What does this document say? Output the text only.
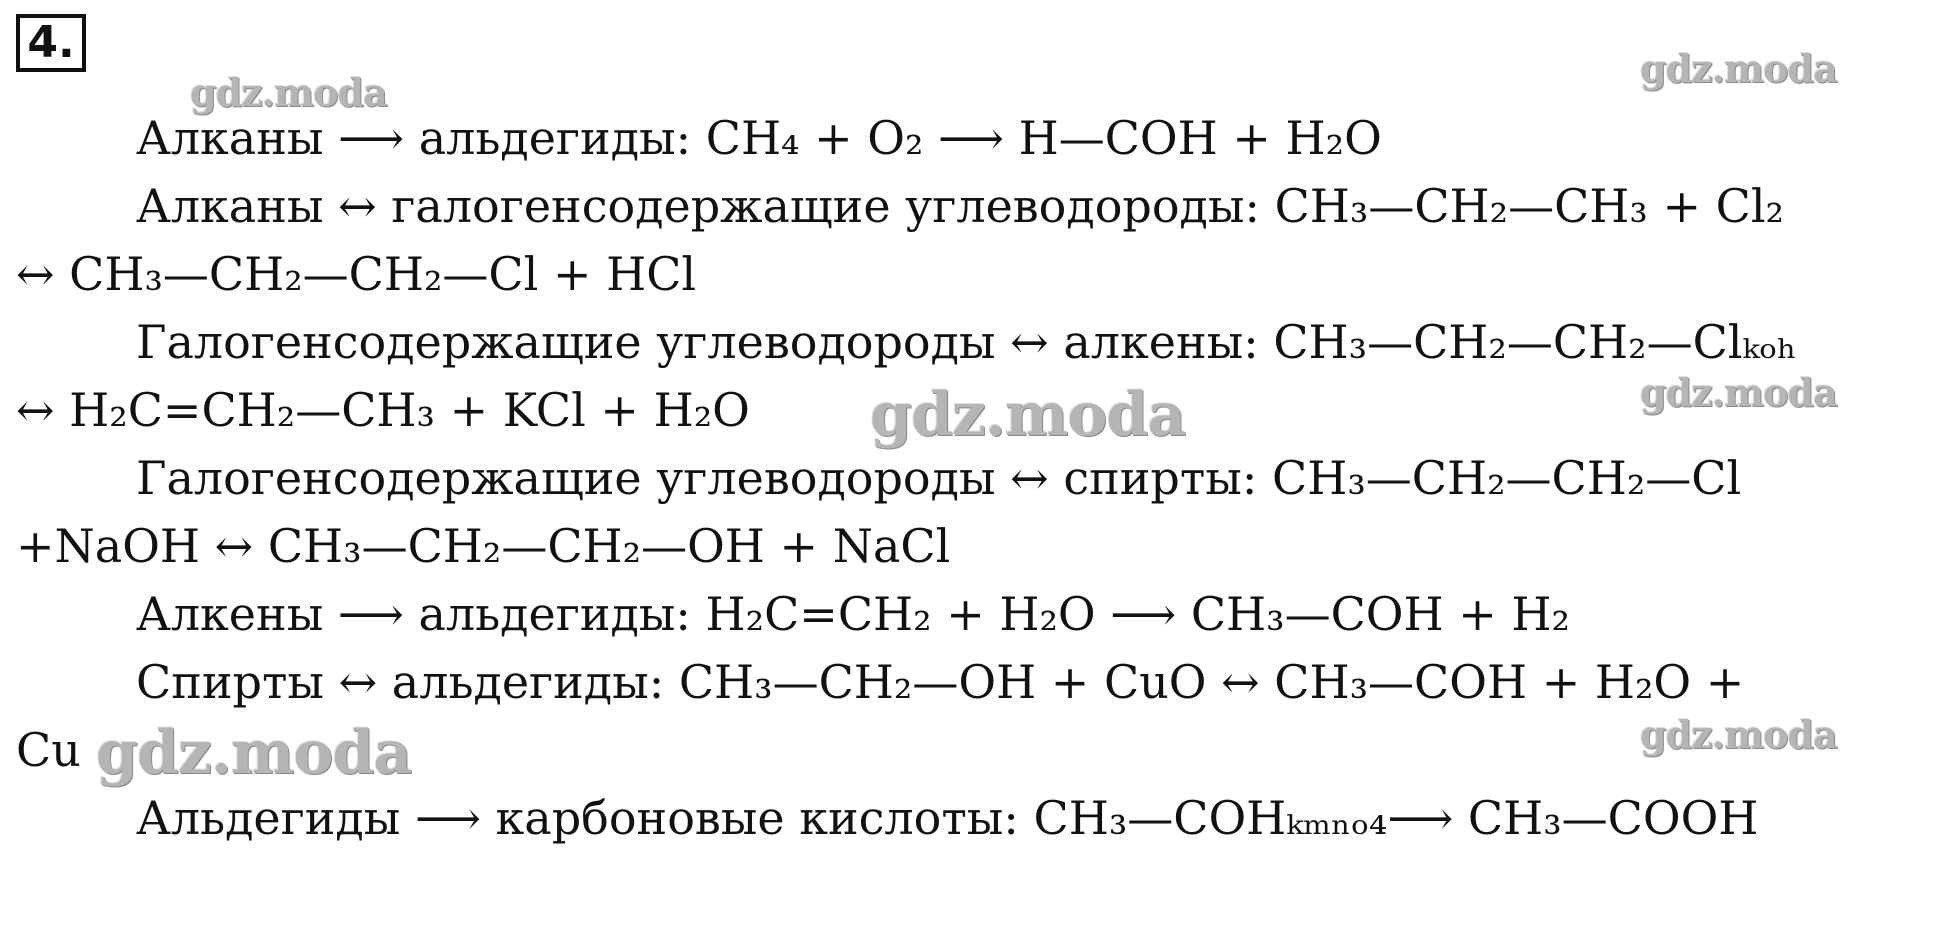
4.
gdz.moda
gdz.moda
gdz.moda
gdz.moda
gdz.moda
gdz.moda
Алканы ⟶ альдегиды: CH₄ + O₂ ⟶ H—COH + H₂O
Алканы ↔ галогенсодержащие углеводороды: CH₃—CH₂—CH₃ + Cl₂
↔ CH₃—CH₂—CH₂—Cl + HCl
Галогенсодержащие углеводороды ↔ алкены: CH₃—CH₂—CH₂—Clₖₒₕ
↔ H₂C=CH₂—CH₃ + KCl + H₂O
Галогенсодержащие углеводороды ↔ спирты: CH₃—CH₂—CH₂—Cl
+NaOH ↔ CH₃—CH₂—CH₂—OH + NaCl
Алкены ⟶ альдегиды: H₂C=CH₂ + H₂O ⟶ CH₃—COH + H₂
Спирты ↔ альдегиды: CH₃—CH₂—OH + CuO ↔ CH₃—COH + H₂O +
Cu
Альдегиды ⟶ карбоновые кислоты: CH₃—COHₖₘₙₒ₄⟶ CH₃—COOH
